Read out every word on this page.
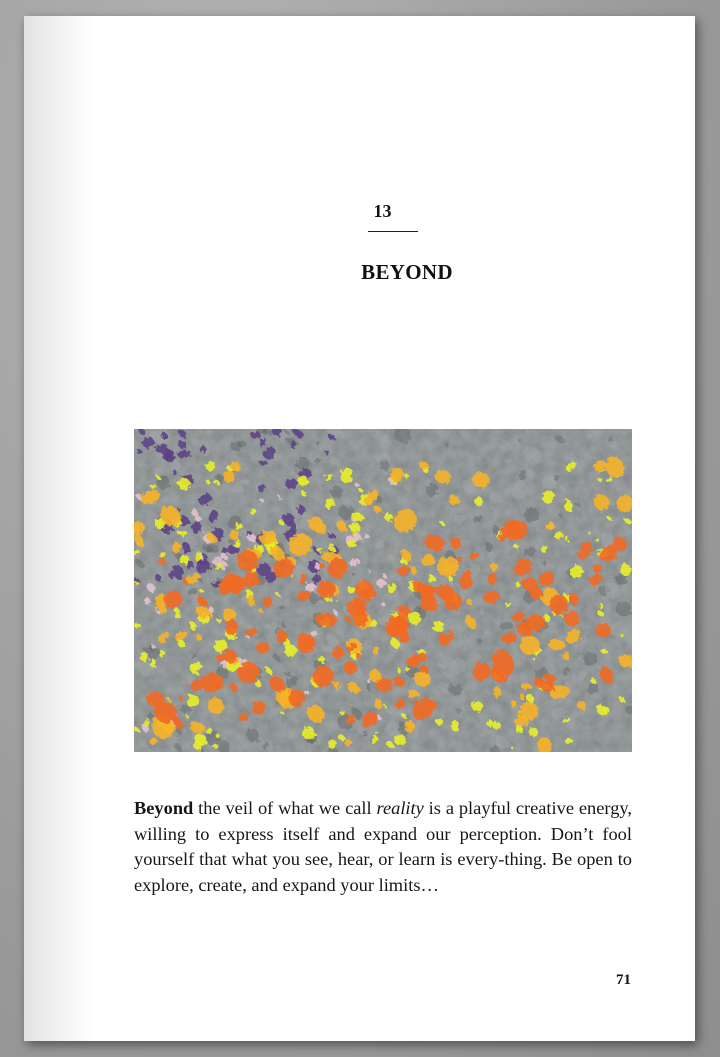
13
BEYOND

Beyond the veil of what we call reality is a playful creative energy, willing to express itself and expand our perception. Don’t fool yourself that what you see, hear, or learn is every-thing. Be open to explore, create, and expand your limits…

71
